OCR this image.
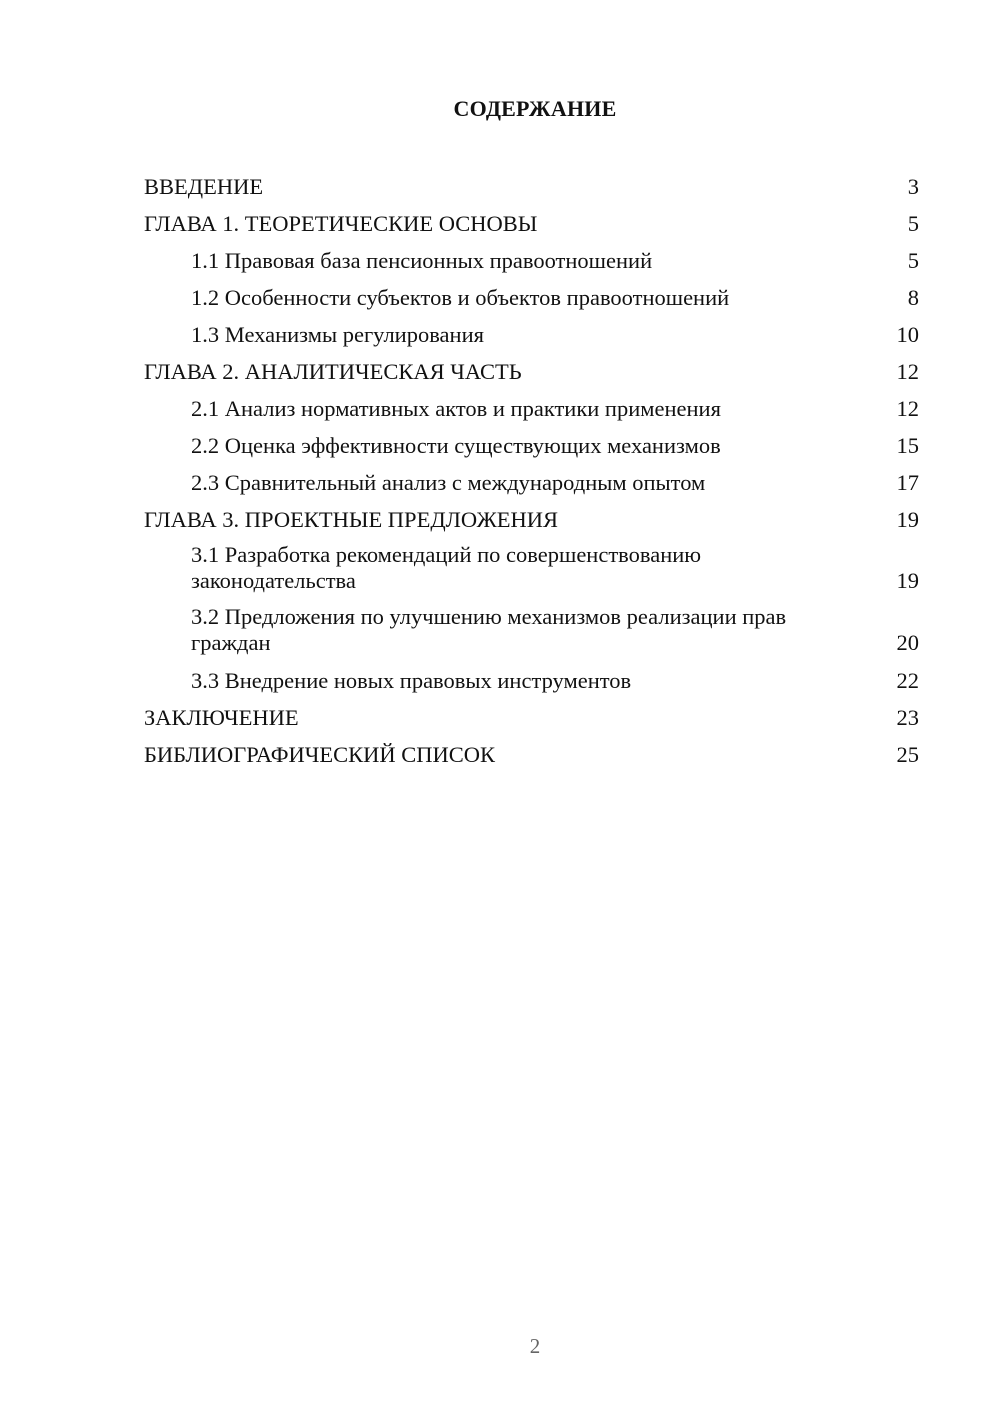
СОДЕРЖАНИЕ
ВВЕДЕНИЕ	3
ГЛАВА 1. ТЕОРЕТИЧЕСКИЕ ОСНОВЫ	5
1.1 Правовая база пенсионных правоотношений	5
1.2 Особенности субъектов и объектов правоотношений	8
1.3 Механизмы регулирования	10
ГЛАВА 2. АНАЛИТИЧЕСКАЯ ЧАСТЬ	12
2.1 Анализ нормативных актов и практики применения	12
2.2 Оценка эффективности существующих механизмов	15
2.3 Сравнительный анализ с международным опытом	17
ГЛАВА 3. ПРОЕКТНЫЕ ПРЕДЛОЖЕНИЯ	19
3.1 Разработка рекомендаций по совершенствованию законодательства	19
3.2 Предложения по улучшению механизмов реализации прав граждан	20
3.3 Внедрение новых правовых инструментов	22
ЗАКЛЮЧЕНИЕ	23
БИБЛИОГРАФИЧЕСКИЙ СПИСОК	25
2
